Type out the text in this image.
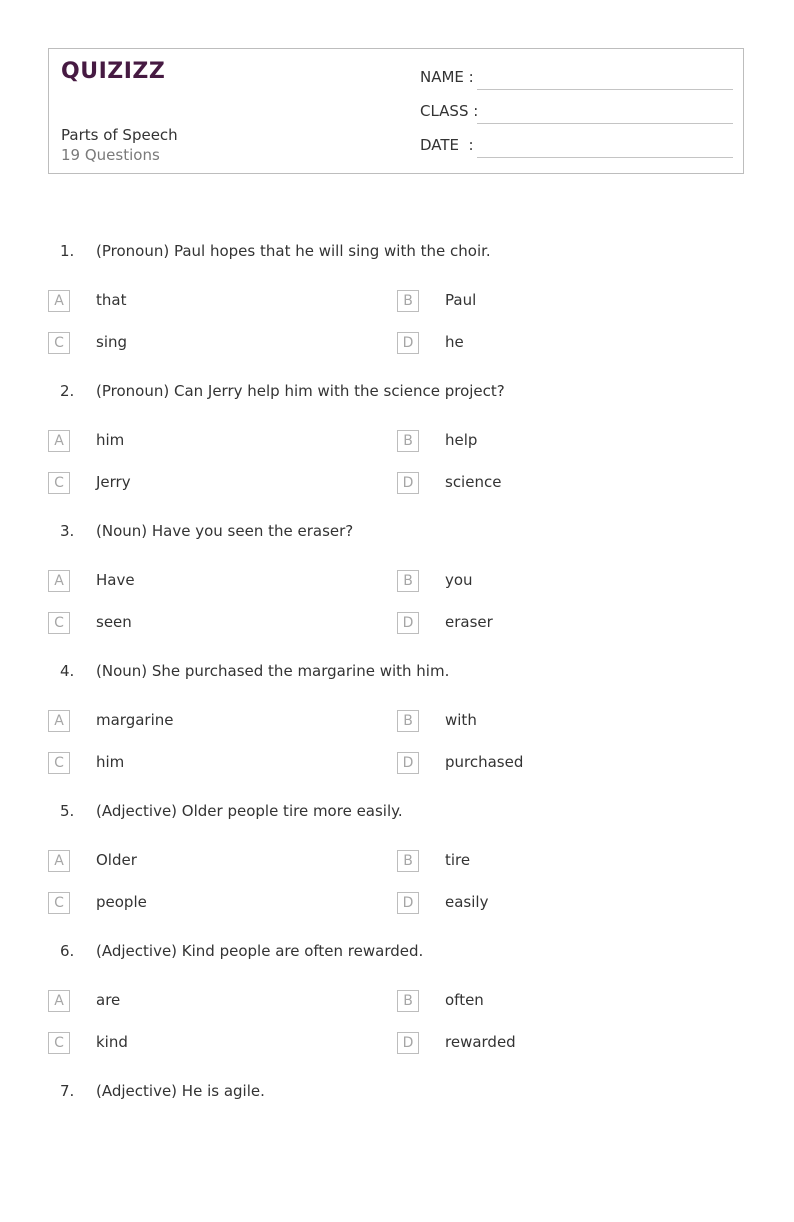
QUIZIZZ
Parts of Speech
19 Questions
NAME :
CLASS :
DATE  :
1. (Pronoun) Paul hopes that he will sing with the choir.
A	that	B	Paul
C	sing	D	he
2. (Pronoun) Can Jerry help him with the science project?
A	him	B	help
C	Jerry	D	science
3. (Noun) Have you seen the eraser?
A	Have	B	you
C	seen	D	eraser
4. (Noun) She purchased the margarine with him.
A	margarine	B	with
C	him	D	purchased
5. (Adjective) Older people tire more easily.
A	Older	B	tire
C	people	D	easily
6. (Adjective) Kind people are often rewarded.
A	are	B	often
C	kind	D	rewarded
7. (Adjective) He is agile.
